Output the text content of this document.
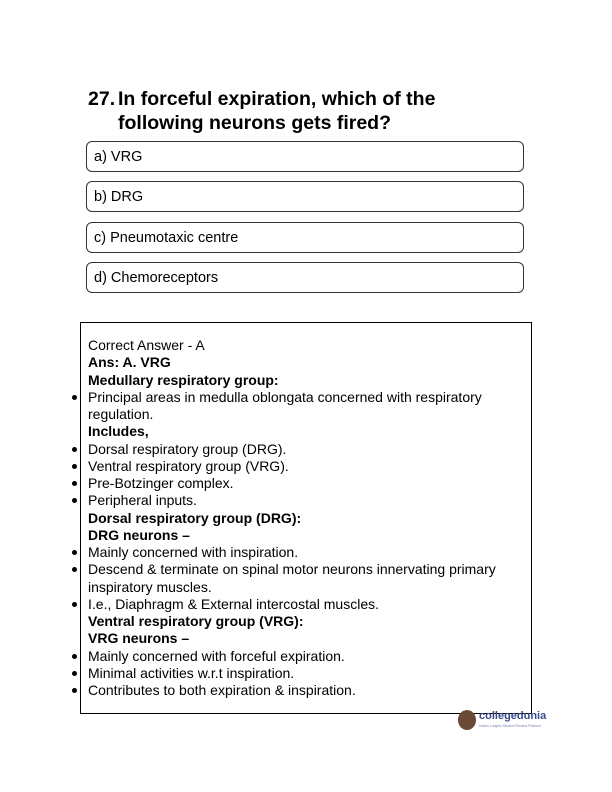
27. In forceful expiration, which of the
following neurons gets fired?
a) VRG
b) DRG
c) Pneumotaxic centre
d) Chemoreceptors
Correct Answer - A
Ans: A. VRG
Medullary respiratory group:
Principal areas in medulla oblongata concerned with respiratory
regulation.
Includes,
Dorsal respiratory group (DRG).
Ventral respiratory group (VRG).
Pre-Botzinger complex.
Peripheral inputs.
Dorsal respiratory group (DRG):
DRG neurons –
Mainly concerned with inspiration.
Descend & terminate on spinal motor neurons innervating primary
inspiratory muscles.
I.e., Diaphragm & External intercostal muscles.
Ventral respiratory group (VRG):
VRG neurons –
Mainly concerned with forceful expiration.
Minimal activities w.r.t inspiration.
Contributes to both expiration & inspiration.
collegedunia
India's Largest Student Review Platform
